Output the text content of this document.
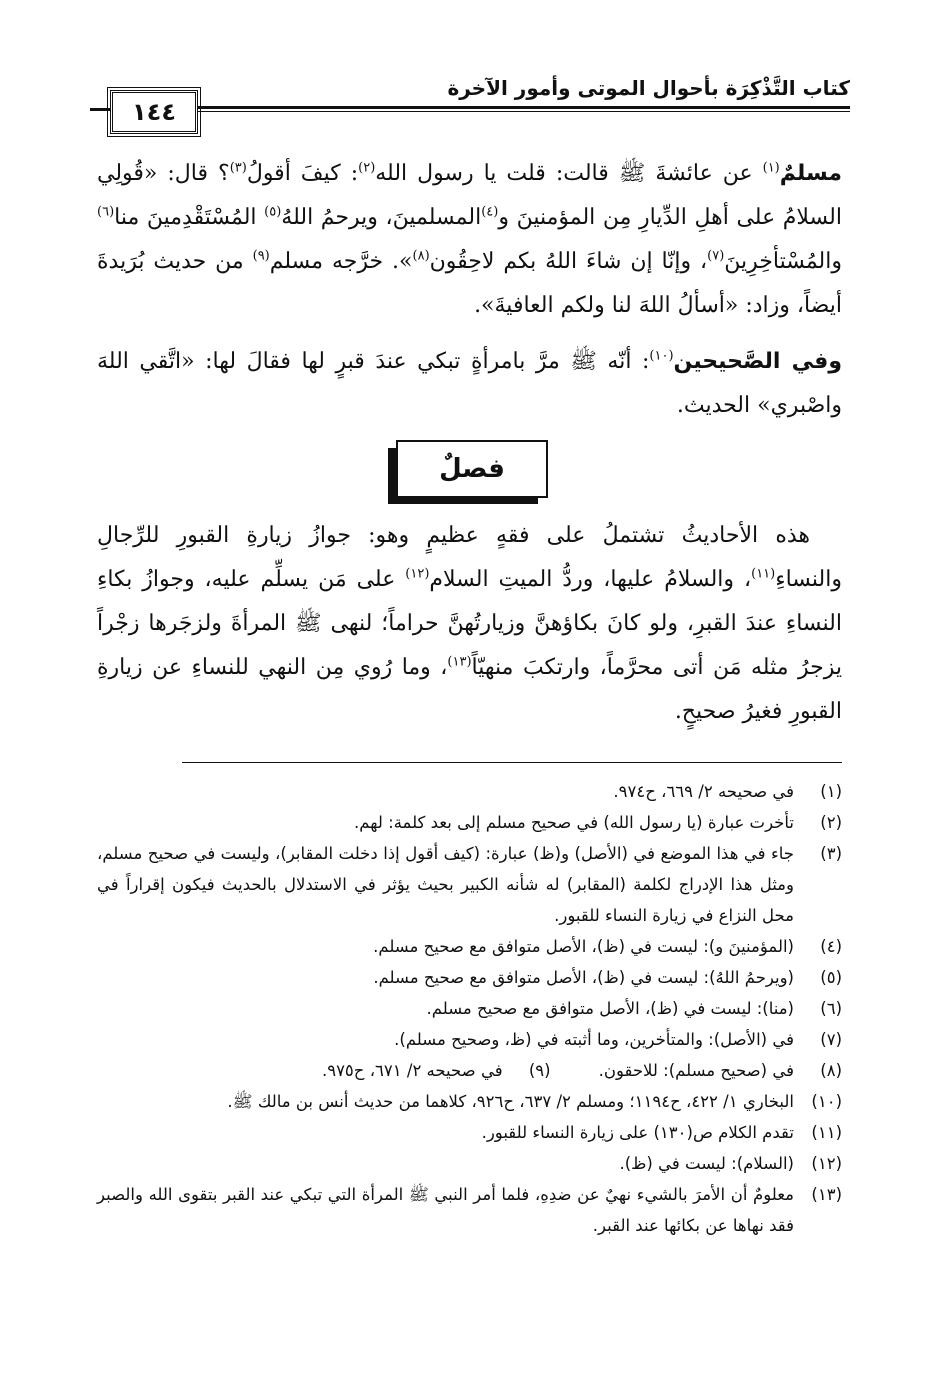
كتاب التَّذْكِرَة بأحوال الموتى وأمور الآخرة
١٤٤

مسلمٌ$^{(١)}$ عن عائشةَ ﷺ قالت: قلت يا رسول الله$^{(٢)}$: كيفَ أقولُ$^{(٣)}$؟ قال: «قُولِي السلامُ على أهلِ الدِّيارِ مِن المؤمنينَ و$^{(٤)}$المسلمينَ، ويرحمُ اللهُ$^{(٥)}$ المُسْتَقْدِمينَ منا$^{(٦)}$ والمُسْتأخِرِينَ$^{(٧)}$، وإنّا إن شاءَ اللهُ بكم لاحِقُون$^{(٨)}$». خرَّجه مسلم$^{(٩)}$ من حديث بُرَيدةَ أيضاً، وزاد: «أسألُ اللهَ لنا ولكم العافيةَ».

وفي الصَّحيحين$^{(١٠)}$: أنّه ﷺ مرَّ بامرأةٍ تبكي عندَ قبرٍ لها فقالَ لها: «اتَّقي اللهَ واصْبري» الحديث.

فصلٌ

هذه الأحاديثُ تشتملُ على فقهٍ عظيمٍ وهو: جوازُ زيارةِ القبورِ للرِّجالِ والنساءِ$^{(١١)}$، والسلامُ عليها، وردُّ الميتِ السلام$^{(١٢)}$ على مَن يسلِّم عليه، وجوازُ بكاءِ النساءِ عندَ القبرِ، ولو كانَ بكاؤهنَّ وزيارتُهنَّ حراماً؛ لنهى ﷺ المرأةَ ولزجَرها زجْراً يزجرُ مثله مَن أتى محرَّماً، وارتكبَ منهيّاً$^{(١٣)}$، وما رُوي مِن النهي للنساءِ عن زيارةِ القبورِ فغيرُ صحيحٍ.

(١)
في صحيحه ٢/ ٦٦٩، ح٩٧٤.
(٢)
تأخرت عبارة (يا رسول الله) في صحيح مسلم إلى بعد كلمة: لهم.
(٣)
جاء في هذا الموضع في (الأصل) و(ظ) عبارة: (كيف أقول إذا دخلت المقابر)، وليست في صحيح مسلم، ومثل هذا الإدراج لكلمة (المقابر) له شأنه الكبير بحيث يؤثر في الاستدلال بالحديث فيكون إقراراً في محل النزاع في زيارة النساء للقبور.
(٤)
(المؤمنينَ و): ليست في (ظ)، الأصل متوافق مع صحيح مسلم.
(٥)
(ويرحمُ اللهُ): ليست في (ظ)، الأصل متوافق مع صحيح مسلم.
(٦)
(منا): ليست في (ظ)، الأصل متوافق مع صحيح مسلم.
(٧)
في (الأصل): والمتأخرين، وما أثبته في (ظ، وصحيح مسلم).
(٨)
في (صحيح مسلم): للاحقون.
(٩)
في صحيحه ٢/ ٦٧١، ح٩٧٥.
(١٠)
البخاري ١/ ٤٢٢، ح١١٩٤؛ ومسلم ٢/ ٦٣٧، ح٩٢٦، كلاهما من حديث أنس بن مالك ﷺ.
(١١)
تقدم الكلام ص(١٣٠) على زيارة النساء للقبور.
(١٢)
(السلام): ليست في (ظ).
(١٣)
معلومٌ أن الأمرَ بالشيء نهيٌ عن ضدِهِ، فلما أمر النبي ﷺ المرأة التي تبكي عند القبر بتقوى الله والصبر فقد نهاها عن بكائها عند القبر.
